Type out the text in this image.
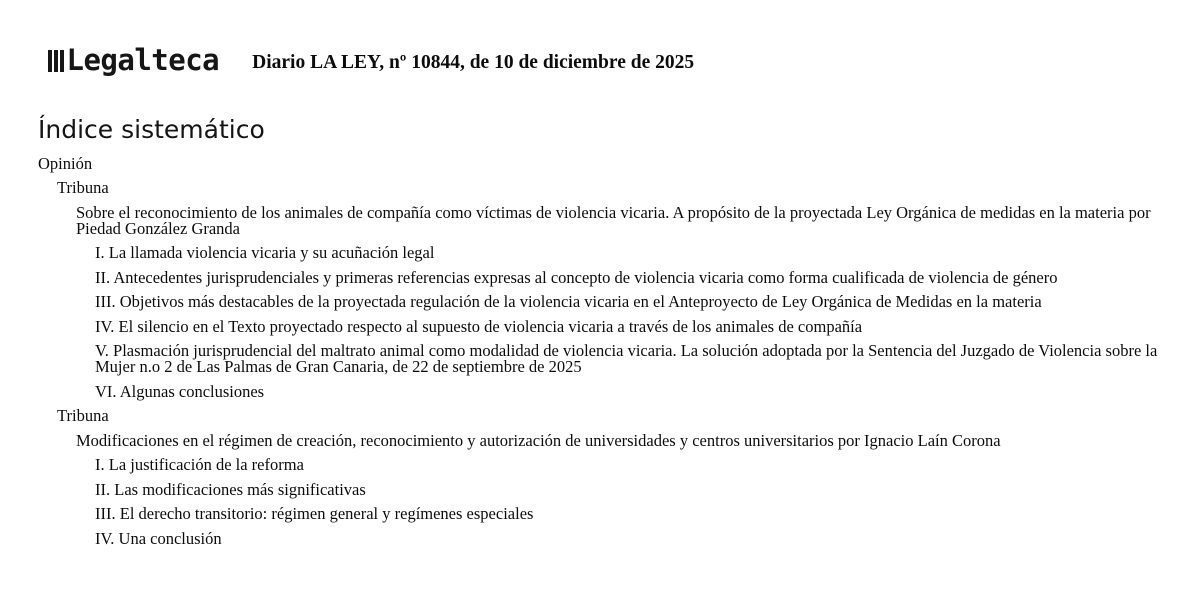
Legalteca Diario LA LEY, nº 10844, de 10 de diciembre de 2025
Índice sistemático
Opinión
Tribuna
Sobre el reconocimiento de los animales de compañía como víctimas de violencia vicaria. A propósito de la proyectada Ley Orgánica de medidas en la materia por Piedad González Granda
I. La llamada violencia vicaria y su acuñación legal
II. Antecedentes jurisprudenciales y primeras referencias expresas al concepto de violencia vicaria como forma cualificada de violencia de género
III. Objetivos más destacables de la proyectada regulación de la violencia vicaria en el Anteproyecto de Ley Orgánica de Medidas en la materia
IV. El silencio en el Texto proyectado respecto al supuesto de violencia vicaria a través de los animales de compañía
V. Plasmación jurisprudencial del maltrato animal como modalidad de violencia vicaria. La solución adoptada por la Sentencia del Juzgado de Violencia sobre la Mujer n.o 2 de Las Palmas de Gran Canaria, de 22 de septiembre de 2025
VI. Algunas conclusiones
Tribuna
Modificaciones en el régimen de creación, reconocimiento y autorización de universidades y centros universitarios por Ignacio Laín Corona
I. La justificación de la reforma
II. Las modificaciones más significativas
III. El derecho transitorio: régimen general y regímenes especiales
IV. Una conclusión
